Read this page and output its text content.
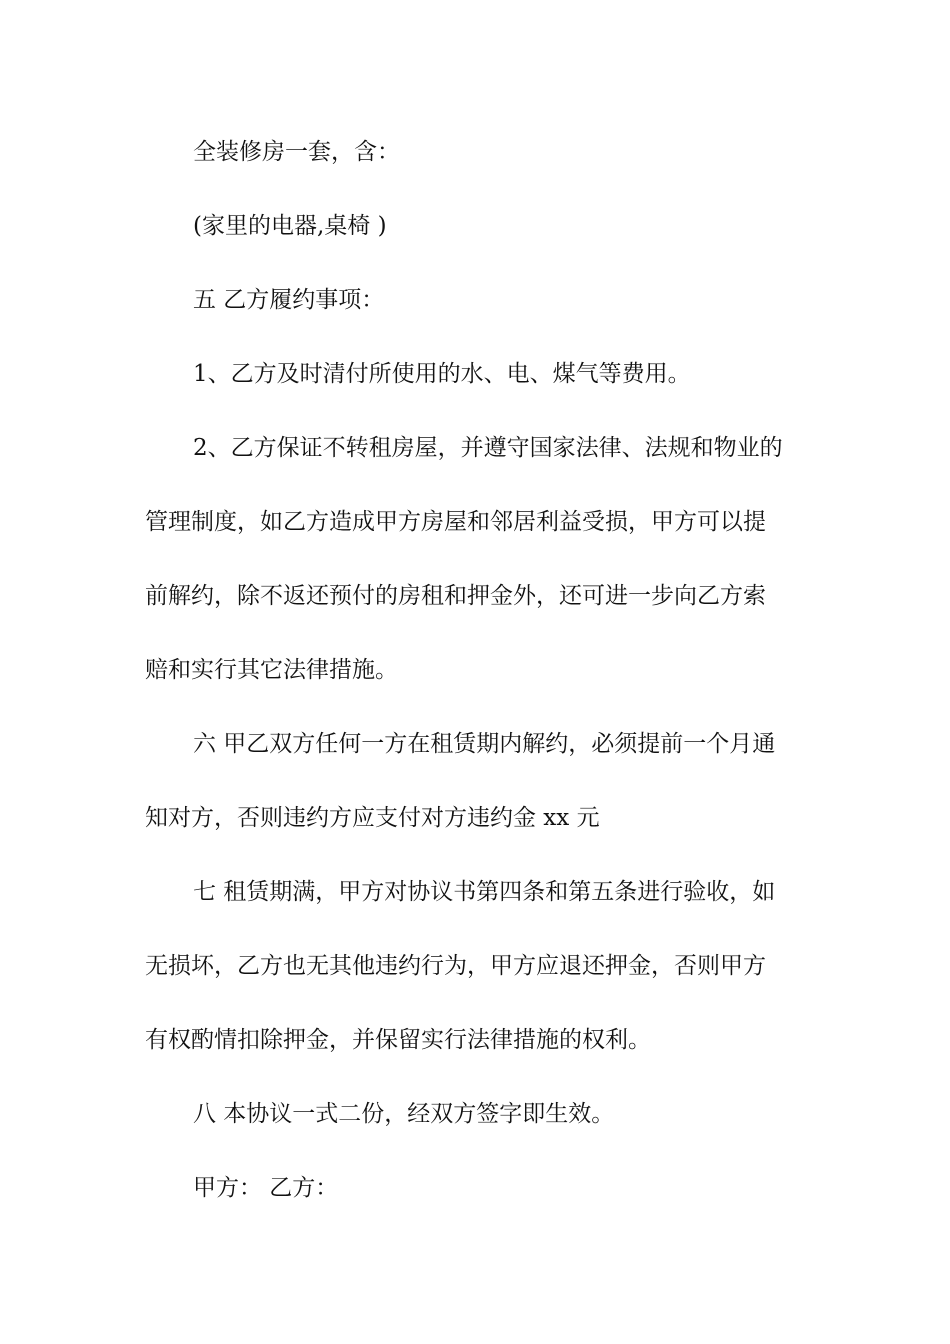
全装修房一套，含：
(家里的电器,桌椅 )
五 乙方履约事项：
1、乙方及时清付所使用的水、电、煤气等费用。
2、乙方保证不转租房屋，并遵守国家法律、法规和物业的
管理制度，如乙方造成甲方房屋和邻居利益受损，甲方可以提
前解约，除不返还预付的房租和押金外，还可进一步向乙方索
赔和实行其它法律措施。
六 甲乙双方任何一方在租赁期内解约，必须提前一个月通
知对方，否则违约方应支付对方违约金 xx 元
七 租赁期满，甲方对协议书第四条和第五条进行验收，如
无损坏，乙方也无其他违约行为，甲方应退还押金，否则甲方
有权酌情扣除押金，并保留实行法律措施的权利。
八 本协议一式二份，经双方签字即生效。
甲方： 乙方：
